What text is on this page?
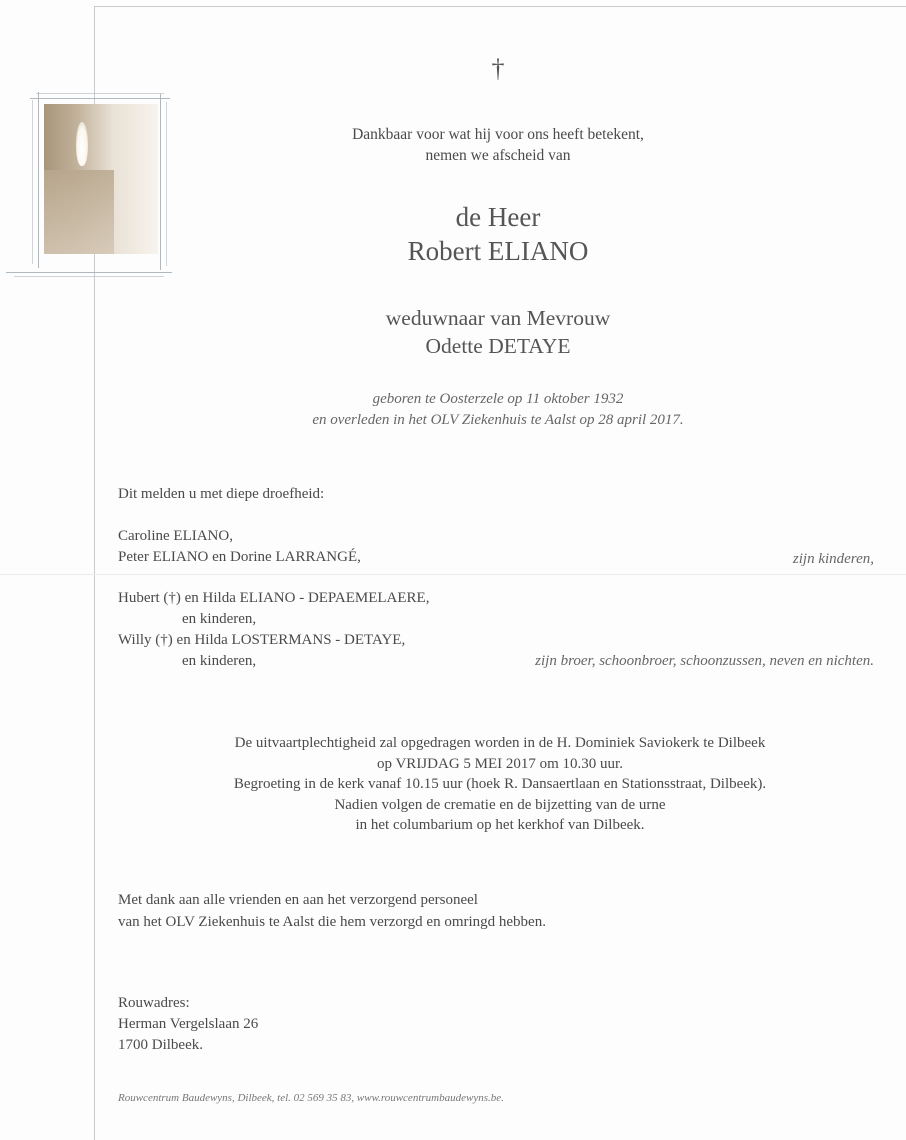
†
Dankbaar voor wat hij voor ons heeft betekent,
nemen we afscheid van
de Heer
Robert ELIANO
weduwnaar van Mevrouw
Odette DETAYE
geboren te Oosterzele op 11 oktober 1932
en overleden in het OLV Ziekenhuis te Aalst op 28 april 2017.
Dit melden u met diepe droefheid:
Caroline ELIANO,
Peter ELIANO en Dorine LARRANGÉ,	zijn kinderen,
Hubert (†) en Hilda ELIANO - DEPAEMELAERE,
en kinderen,
Willy (†) en Hilda LOSTERMANS - DETAYE,
en kinderen,	zijn broer, schoonbroer, schoonzussen, neven en nichten.
De uitvaartplechtigheid zal opgedragen worden in de H. Dominiek Saviokerk te Dilbeek
op VRIJDAG 5 MEI 2017 om 10.30 uur.
Begroeting in de kerk vanaf 10.15 uur (hoek R. Dansaertlaan en Stationsstraat, Dilbeek).
Nadien volgen de crematie en de bijzetting van de urne
in het columbarium op het kerkhof van Dilbeek.
Met dank aan alle vrienden en aan het verzorgend personeel
van het OLV Ziekenhuis te Aalst die hem verzorgd en omringd hebben.
Rouwadres:
Herman Vergelslaan 26
1700 Dilbeek.
Rouwcentrum Baudewyns, Dilbeek, tel. 02 569 35 83, www.rouwcentrumbaudewyns.be.
